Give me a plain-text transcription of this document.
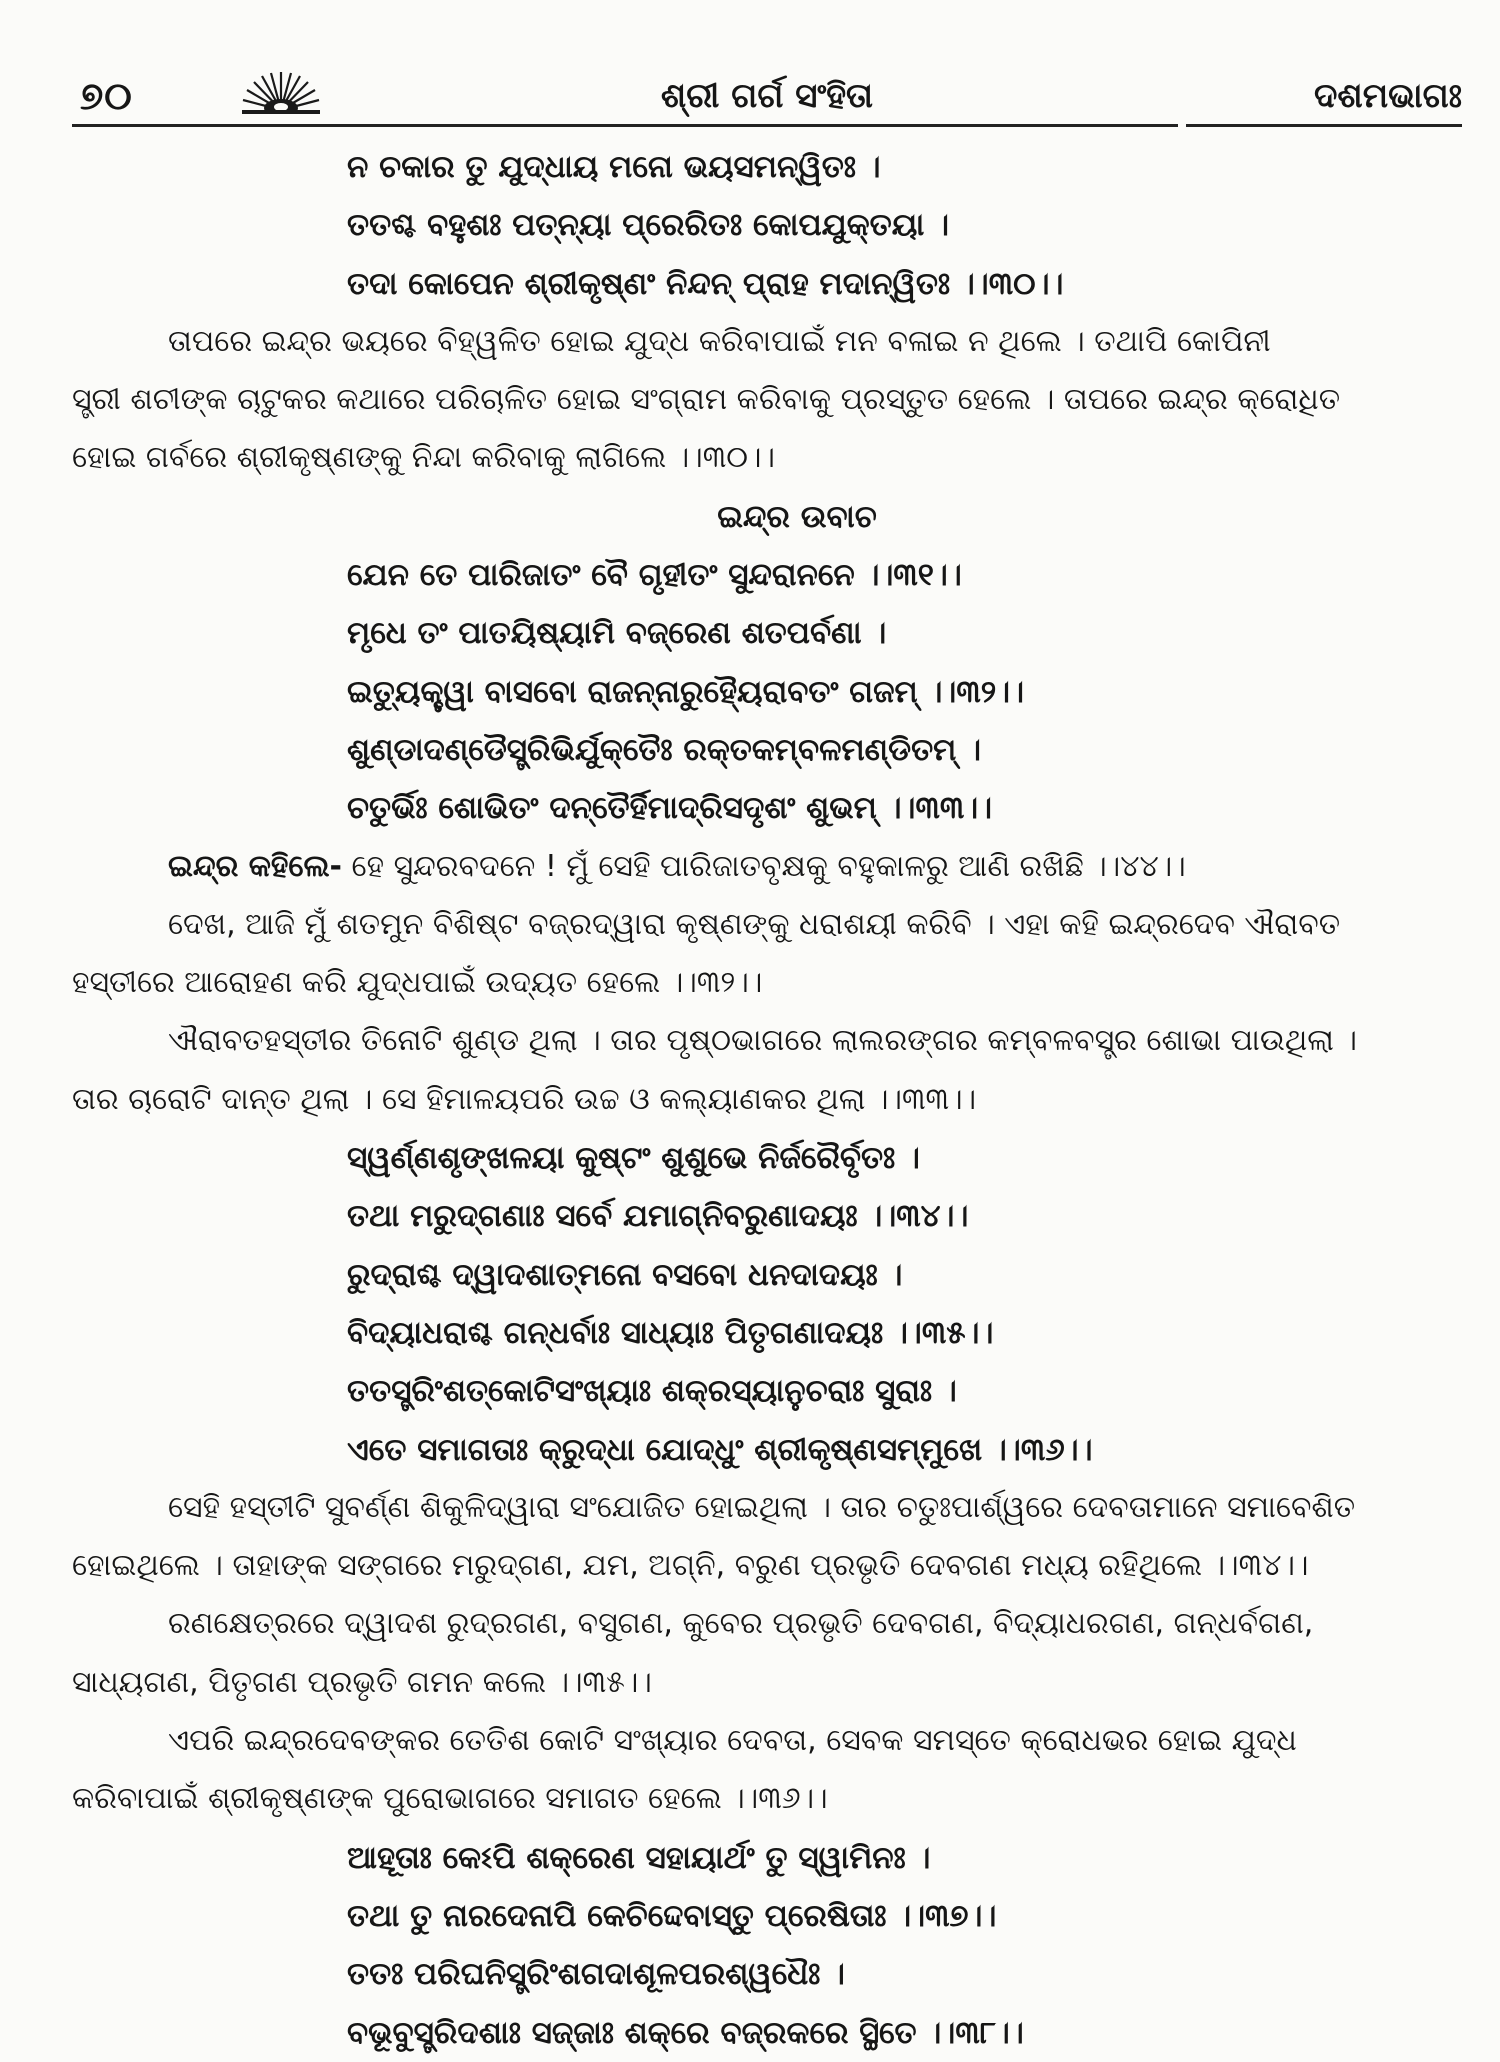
୭୦	ଶ୍ରୀ ଗର୍ଗ ସଂହିତା	ଦଶମଭାଗଃ
ନ ଚକାର ତୁ ଯୁଦ୍ଧାୟ ମନୋ ଭୟସମନ୍ୱିତଃ ।
ତତଶ୍ଚ ବହୁଶଃ ପତ୍ନ୍ୟା ପ୍ରେରିତଃ କୋପଯୁକ୍ତୟା ।
ତଦା କୋପେନ ଶ୍ରୀକୃଷ୍ଣଂ ନିନ୍ଦନ୍ ପ୍ରାହ ମଦାନ୍ୱିତଃ ।।୩୦।।
ତାପରେ ଇନ୍ଦ୍ର ଭୟରେ ବିହ୍ୱଳିତ ହୋଇ ଯୁଦ୍ଧ କରିବାପାଇଁ ମନ ବଳାଇ ନ ଥିଲେ । ତଥାପି କୋପିନୀ
ସ୍ତ୍ରୀ ଶଚୀଙ୍କ ଚାଟୁକର କଥାରେ ପରିଚାଳିତ ହୋଇ ସଂଗ୍ରାମ କରିବାକୁ ପ୍ରସ୍ତୁତ ହେଲେ । ତାପରେ ଇନ୍ଦ୍ର କ୍ରୋଧିତ
ହୋଇ ଗର୍ବରେ ଶ୍ରୀକୃଷ୍ଣଙ୍କୁ ନିନ୍ଦା କରିବାକୁ ଲାଗିଲେ ।।୩୦।।
ଇନ୍ଦ୍ର ଉବାଚ
ଯେନ ତେ ପାରିଜାତଂ ବୈ ଗୃହୀତଂ ସୁନ୍ଦରାନନେ ।।୩୧।।
ମୃଧେ ତଂ ପାତୟିଷ୍ୟାମି ବଜ୍ରେଣ ଶତପର୍ବଣା ।
ଇତ୍ୟୁକ୍ତ୍ୱା ବାସବୋ ରାଜନ୍ନାରୁହ୍ୟୈରାବତଂ ଗଜମ୍ ।।୩୨।।
ଶୁଣ୍ଡାଦଣ୍ଡୈସ୍ତ୍ରିଭିର୍ଯୁକ୍ତୈଃ ରକ୍ତକମ୍ବଳମଣ୍ଡିତମ୍ ।
ଚତୁର୍ଭିଃ ଶୋଭିତଂ ଦନ୍ତୈର୍ହିମାଦ୍ରିସଦୃଶଂ ଶୁଭମ୍ ।।୩୩।।
ଇନ୍ଦ୍ର କହିଲେ- ହେ ସୁନ୍ଦରବଦନେ ! ମୁଁ ସେହି ପାରିଜାତବୃକ୍ଷକୁ ବହୁକାଳରୁ ଆଣି ରଖିଛି ।।୪୪।।
ଦେଖ, ଆଜି ମୁଁ ଶତମୁନ ବିଶିଷ୍ଟ ବଜ୍ରଦ୍ୱାରା କୃଷ୍ଣଙ୍କୁ ଧରାଶୟୀ କରିବି । ଏହା କହି ଇନ୍ଦ୍ରଦେବ ଐରାବତ
ହସ୍ତୀରେ ଆରୋହଣ କରି ଯୁଦ୍ଧପାଇଁ ଉଦ୍ୟତ ହେଲେ ।।୩୨।।
ଐରାବତହସ୍ତୀର ତିନୋଟି ଶୁଣ୍ଡ ଥିଲା । ତାର ପୃଷ୍ଠଭାଗରେ ଲାଲରଙ୍ଗର କମ୍ବଳବସ୍ତ୍ର ଶୋଭା ପାଉଥିଲା ।
ତାର ଚାରୋଟି ଦାନ୍ତ ଥିଲା । ସେ ହିମାଳୟପରି ଉଚ୍ଚ ଓ କଲ୍ୟାଣକର ଥିଲା ।।୩୩।।
ସ୍ୱର୍ଣ୍ଣଶୃଙ୍ଖଳୟା କୁଷ୍ଟଂ ଶୁଶୁଭେ ନିର୍ଜରୈର୍ବୃତଃ ।
ତଥା ମରୁଦ୍‌ଗଣାଃ ସର୍ବେ ଯମାଗ୍ନିବରୁଣାଦୟଃ ।।୩୪।।
ରୁଦ୍ରାଶ୍ଚ ଦ୍ୱାଦଶାତ୍ମନୋ ବସବୋ ଧନଦାଦୟଃ ।
ବିଦ୍ୟାଧରାଶ୍ଚ ଗନ୍ଧର୍ବାଃ ସାଧ୍ୟାଃ ପିତୃଗଣାଦୟଃ ।।୩୫।।
ତତସ୍ତ୍ରିଂଶତ୍‌କୋଟିସଂଖ୍ୟାଃ ଶକ୍ରସ୍ୟାନୁଚରାଃ ସୁରାଃ ।
ଏତେ ସମାଗତାଃ କ୍ରୁଦ୍ଧା ଯୋଦ୍ଧୁଂ ଶ୍ରୀକୃଷ୍ଣସମ୍ମୁଖେ ।।୩୬।।
ସେହି ହସ୍ତୀଟି ସୁବର୍ଣ୍ଣ ଶିକୁଳିଦ୍ୱାରା ସଂଯୋଜିତ ହୋଇଥିଲା । ତାର ଚତୁଃପାର୍ଶ୍ୱରେ ଦେବତାମାନେ ସମାବେଶିତ
ହୋଇଥିଲେ । ତାହାଙ୍କ ସଙ୍ଗରେ ମରୁଦ୍‌ଗଣ, ଯମ, ଅଗ୍ନି, ବରୁଣ ପ୍ରଭୃତି ଦେବଗଣ ମଧ୍ୟ ରହିଥିଲେ ।।୩୪।।
ରଣକ୍ଷେତ୍ରରେ ଦ୍ୱାଦଶ ରୁଦ୍ରଗଣ, ବସୁଗଣ, କୁବେର ପ୍ରଭୃତି ଦେବଗଣ, ବିଦ୍ୟାଧରଗଣ, ଗନ୍ଧର୍ବଗଣ,
ସାଧ୍ୟଗଣ, ପିତୃଗଣ ପ୍ରଭୃତି ଗମନ କଲେ ।।୩୫।।
ଏପରି ଇନ୍ଦ୍ରଦେବଙ୍କର ତେତିଶ କୋଟି ସଂଖ୍ୟାର ଦେବତା, ସେବକ ସମସ୍ତେ କ୍ରୋଧଭର ହୋଇ ଯୁଦ୍ଧ
କରିବାପାଇଁ ଶ୍ରୀକୃଷ୍ଣଙ୍କ ପୁରୋଭାଗରେ ସମାଗତ ହେଲେ ।।୩୬।।
ଆହୂତାଃ କେଽପି ଶକ୍ରେଣ ସହାୟାର୍ଥଂ ତୁ ସ୍ୱାମିନଃ ।
ତଥା ତୁ ନାରଦେନାପି କେଚିଦ୍ଦେବାସ୍ତୁ ପ୍ରେଷିତାଃ ।।୩୭।।
ତତଃ ପରିଘନିସ୍ତ୍ରିଂଶଗଦାଶୂଳପରଶ୍ୱଧୈଃ ।
ବଭୂବୁସ୍ତ୍ରିଦଶାଃ ସଜ୍ଜାଃ ଶକ୍ରେ ବଜ୍ରକରେ ସ୍ଥିତେ ।।୩୮।।
